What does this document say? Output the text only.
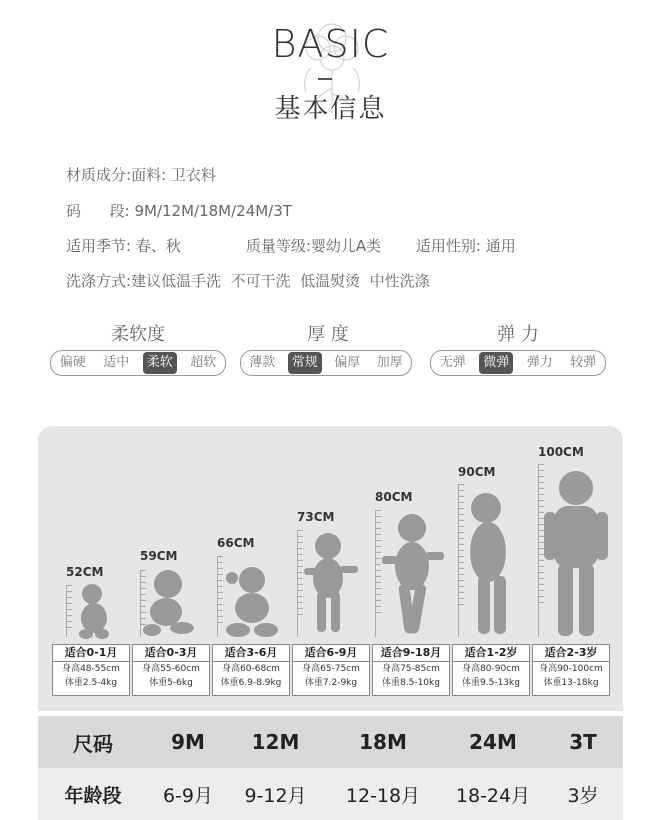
BASIC
基本信息
材质成分:面料: 卫衣料
码      段: 9M/12M/18M/24M/3T
适用季节: 春、秋	质量等级:婴幼儿A类 适用性别: 通用
洗涤方式:建议低温手洗  不可干洗  低温熨烫  中性洗涤
柔软度
偏硬	适中	柔软	超软
厚 度
薄款	常规	偏厚	加厚
弹 力
无弹	微弹	弹力	较弹
52CM
59CM
66CM
73CM
80CM
90CM
100CM
适合0-1月
身高48-55cm
体重2.5-4kg
适合0-3月
身高55-60cm
体重5-6kg
适合3-6月
身高60-68cm
体重6.9-8.9kg
适合6-9月
身高65-75cm
体重7.2-9kg
适合9-18月
身高75-85cm
体重8.5-10kg
适合1-2岁
身高80-90cm
体重9.5-13kg
适合2-3岁
身高90-100cm
体重13-18kg
尺码	9M	12M	18M	24M	3T
年龄段	6-9月	9-12月	12-18月	18-24月	3岁
